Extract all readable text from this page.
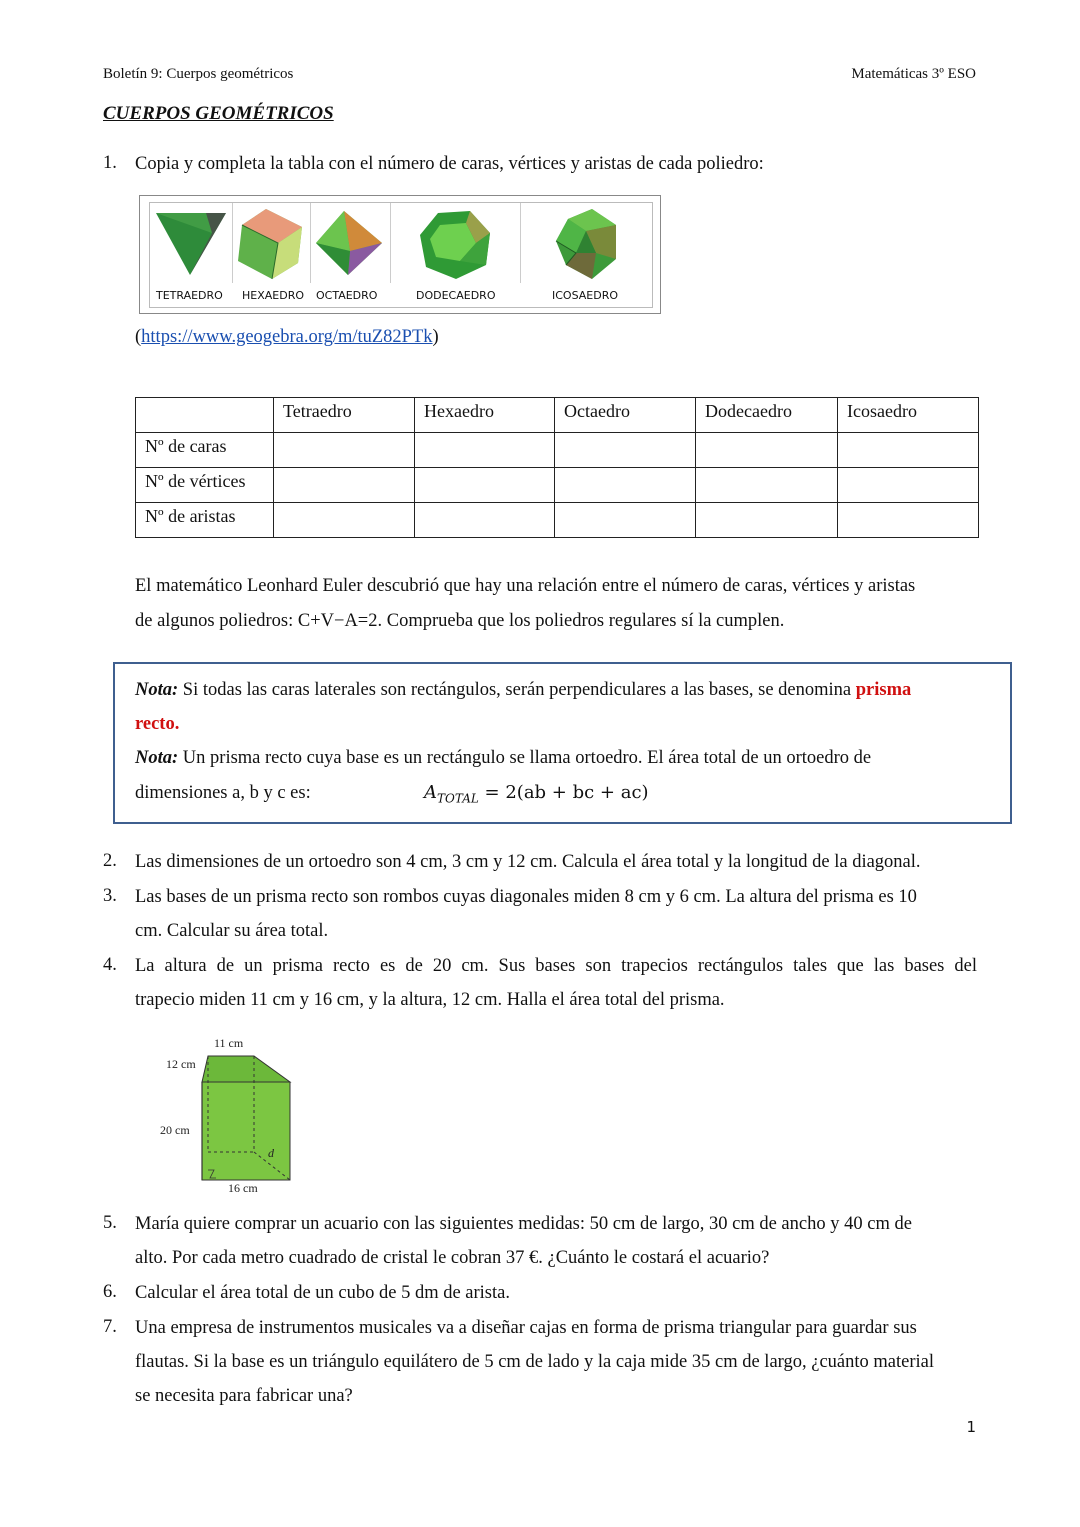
Boletín 9: Cuerpos geométricos	Matemáticas 3º ESO
CUERPOS GEOMÉTRICOS
1. Copia y completa la tabla con el número de caras, vértices y aristas de cada poliedro:
TETRAEDRO HEXAEDRO OCTAEDRO	DODECAEDRO	ICOSAEDRO
(https://www.geogebra.org/m/tuZ82PTk)
	Tetraedro	Hexaedro	Octaedro	Dodecaedro	Icosaedro
Nº de caras					
Nº de vértices					
Nº de aristas					
El matemático Leonhard Euler descubrió que hay una relación entre el número de caras, vértices y aristas
de algunos poliedros: C+V−A=2. Comprueba que los poliedros regulares sí la cumplen.
Nota: Si todas las caras laterales son rectángulos, serán perpendiculares a las bases, se denomina prisma
recto.
Nota: Un prisma recto cuya base es un rectángulo se llama ortoedro. El área total de un ortoedro de
dimensiones a, b y c es:	$A_{TOTAL} = 2(ab$ + bc + ac)
2. Las dimensiones de un ortoedro son 4 cm, 3 cm y 12 cm. Calcula el área total y la longitud de la diagonal.
3. Las bases de un prisma recto son rombos cuyas diagonales miden 8 cm y 6 cm. La altura del prisma es 10
cm. Calcular su área total.
4. La altura de un prisma recto es de 20 cm. Sus bases son trapecios rectángulos tales que las bases del
trapecio miden 11 cm y 16 cm, y la altura, 12 cm. Halla el área total del prisma.
11 cm
12 cm
20 cm
d
16 cm
5. María quiere comprar un acuario con las siguientes medidas: 50 cm de largo, 30 cm de ancho y 40 cm de
alto. Por cada metro cuadrado de cristal le cobran 37 €. ¿Cuánto le costará el acuario?
6. Calcular el área total de un cubo de 5 dm de arista.
7. Una empresa de instrumentos musicales va a diseñar cajas en forma de prisma triangular para guardar sus
flautas. Si la base es un triángulo equilátero de 5 cm de lado y la caja mide 35 cm de largo, ¿cuánto material
se necesita para fabricar una?
1
